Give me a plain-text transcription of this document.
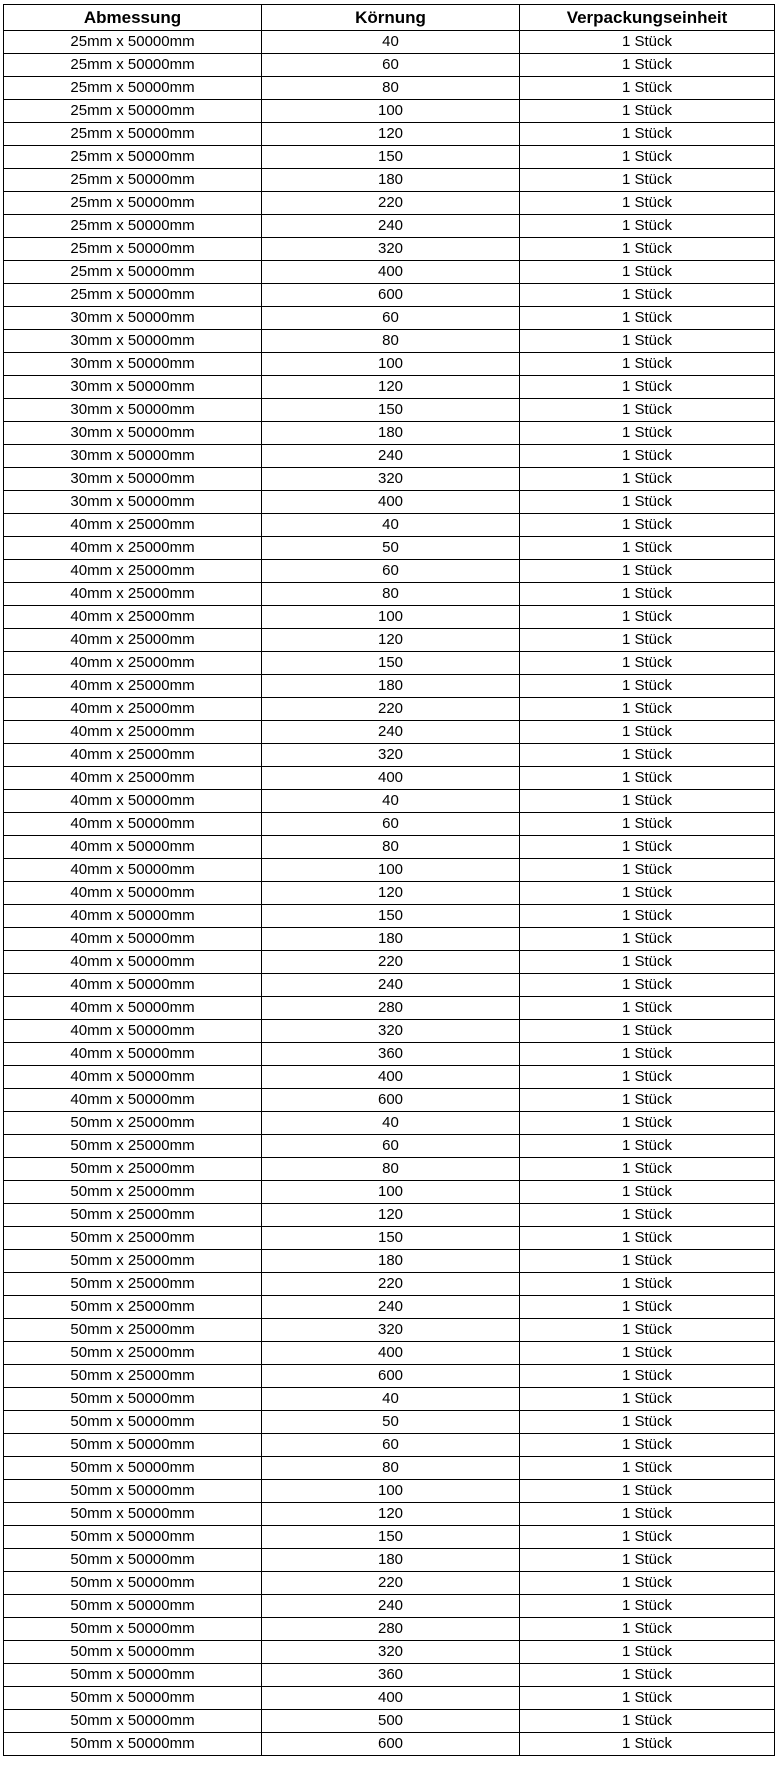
Abmessung	Körnung	Verpackungseinheit
25mm x 50000mm	40	1 Stück
25mm x 50000mm	60	1 Stück
25mm x 50000mm	80	1 Stück
25mm x 50000mm	100	1 Stück
25mm x 50000mm	120	1 Stück
25mm x 50000mm	150	1 Stück
25mm x 50000mm	180	1 Stück
25mm x 50000mm	220	1 Stück
25mm x 50000mm	240	1 Stück
25mm x 50000mm	320	1 Stück
25mm x 50000mm	400	1 Stück
25mm x 50000mm	600	1 Stück
30mm x 50000mm	60	1 Stück
30mm x 50000mm	80	1 Stück
30mm x 50000mm	100	1 Stück
30mm x 50000mm	120	1 Stück
30mm x 50000mm	150	1 Stück
30mm x 50000mm	180	1 Stück
30mm x 50000mm	240	1 Stück
30mm x 50000mm	320	1 Stück
30mm x 50000mm	400	1 Stück
40mm x 25000mm	40	1 Stück
40mm x 25000mm	50	1 Stück
40mm x 25000mm	60	1 Stück
40mm x 25000mm	80	1 Stück
40mm x 25000mm	100	1 Stück
40mm x 25000mm	120	1 Stück
40mm x 25000mm	150	1 Stück
40mm x 25000mm	180	1 Stück
40mm x 25000mm	220	1 Stück
40mm x 25000mm	240	1 Stück
40mm x 25000mm	320	1 Stück
40mm x 25000mm	400	1 Stück
40mm x 50000mm	40	1 Stück
40mm x 50000mm	60	1 Stück
40mm x 50000mm	80	1 Stück
40mm x 50000mm	100	1 Stück
40mm x 50000mm	120	1 Stück
40mm x 50000mm	150	1 Stück
40mm x 50000mm	180	1 Stück
40mm x 50000mm	220	1 Stück
40mm x 50000mm	240	1 Stück
40mm x 50000mm	280	1 Stück
40mm x 50000mm	320	1 Stück
40mm x 50000mm	360	1 Stück
40mm x 50000mm	400	1 Stück
40mm x 50000mm	600	1 Stück
50mm x 25000mm	40	1 Stück
50mm x 25000mm	60	1 Stück
50mm x 25000mm	80	1 Stück
50mm x 25000mm	100	1 Stück
50mm x 25000mm	120	1 Stück
50mm x 25000mm	150	1 Stück
50mm x 25000mm	180	1 Stück
50mm x 25000mm	220	1 Stück
50mm x 25000mm	240	1 Stück
50mm x 25000mm	320	1 Stück
50mm x 25000mm	400	1 Stück
50mm x 25000mm	600	1 Stück
50mm x 50000mm	40	1 Stück
50mm x 50000mm	50	1 Stück
50mm x 50000mm	60	1 Stück
50mm x 50000mm	80	1 Stück
50mm x 50000mm	100	1 Stück
50mm x 50000mm	120	1 Stück
50mm x 50000mm	150	1 Stück
50mm x 50000mm	180	1 Stück
50mm x 50000mm	220	1 Stück
50mm x 50000mm	240	1 Stück
50mm x 50000mm	280	1 Stück
50mm x 50000mm	320	1 Stück
50mm x 50000mm	360	1 Stück
50mm x 50000mm	400	1 Stück
50mm x 50000mm	500	1 Stück
50mm x 50000mm	600	1 Stück
